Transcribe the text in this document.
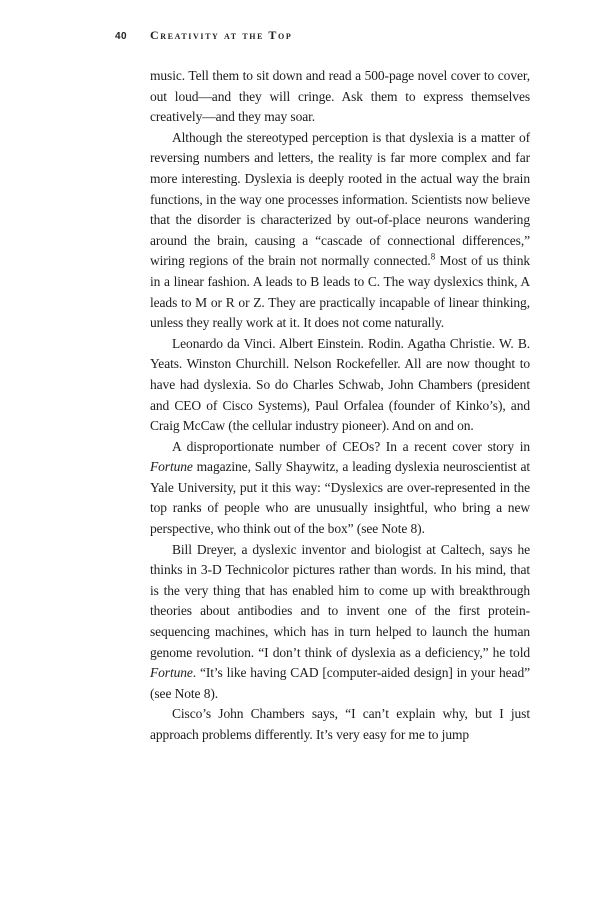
40	Creativity at the Top

music. Tell them to sit down and read a 500-page novel cover to cover, out loud—and they will cringe. Ask them to express themselves creatively—and they may soar.

Although the stereotyped perception is that dyslexia is a matter of reversing numbers and letters, the reality is far more complex and far more interesting. Dyslexia is deeply rooted in the actual way the brain functions, in the way one processes information. Scientists now believe that the disorder is characterized by out-of-place neurons wandering around the brain, causing a “cascade of connectional differences,” wiring regions of the brain not normally connected.$^8$ Most of us think in a linear fashion. A leads to B leads to C. The way dyslexics think, A leads to M or R or Z. They are practically incapable of linear thinking, unless they really work at it. It does not come naturally.

Leonardo da Vinci. Albert Einstein. Rodin. Agatha Christie. W. B. Yeats. Winston Churchill. Nelson Rockefeller. All are now thought to have had dyslexia. So do Charles Schwab, John Chambers (president and CEO of Cisco Systems), Paul Orfalea (founder of Kinko’s), and Craig McCaw (the cellular industry pioneer). And on and on.

A disproportionate number of CEOs? In a recent cover story in Fortune magazine, Sally Shaywitz, a leading dyslexia neuroscientist at Yale University, put it this way: “Dyslexics are over-represented in the top ranks of people who are unusually insightful, who bring a new perspective, who think out of the box” (see Note 8).

Bill Dreyer, a dyslexic inventor and biologist at Caltech, says he thinks in 3-D Technicolor pictures rather than words. In his mind, that is the very thing that has enabled him to come up with breakthrough theories about antibodies and to invent one of the first protein-sequencing machines, which has in turn helped to launch the human genome revolution. “I don’t think of dyslexia as a deficiency,” he told Fortune. “It’s like having CAD [computer-aided design] in your head” (see Note 8).

Cisco’s John Chambers says, “I can’t explain why, but I just approach problems differently. It’s very easy for me to jump
